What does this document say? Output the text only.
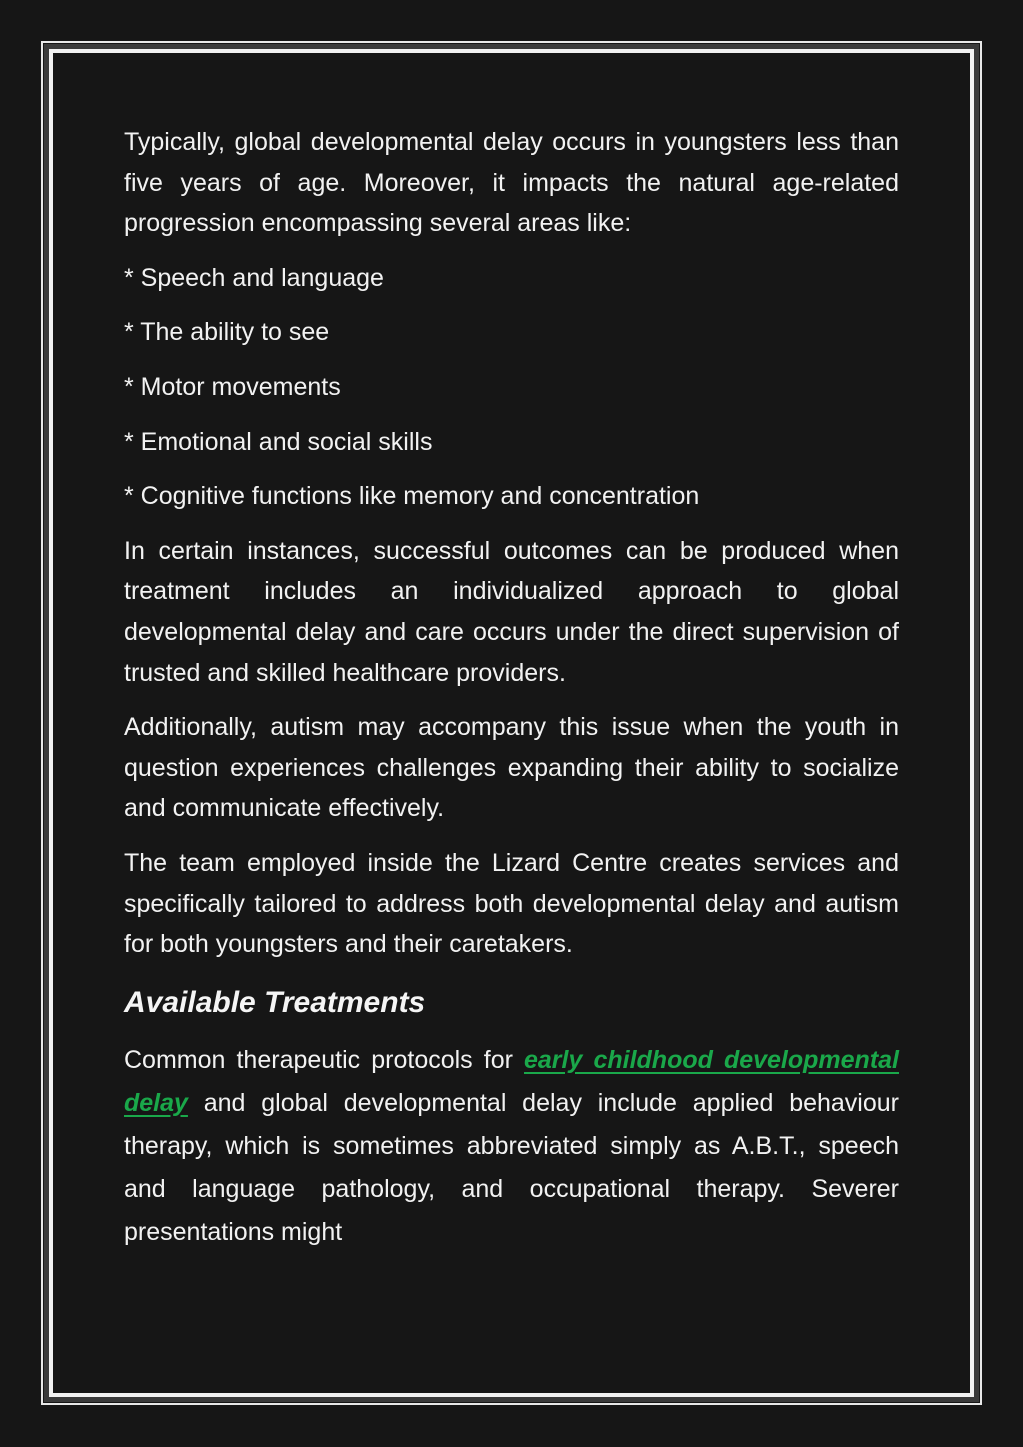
Typically, global developmental delay occurs in youngsters less than five years of age. Moreover, it impacts the natural age-related progression encompassing several areas like:

* Speech and language

* The ability to see

* Motor movements

* Emotional and social skills

* Cognitive functions like memory and concentration

In certain instances, successful outcomes can be produced when treatment includes an individualized approach to global developmental delay and care occurs under the direct supervision of trusted and skilled healthcare providers.

Additionally, autism may accompany this issue when the youth in question experiences challenges expanding their ability to socialize and communicate effectively.

The team employed inside the Lizard Centre creates services and specifically tailored to address both developmental delay and autism for both youngsters and their caretakers.

Available Treatments

Common therapeutic protocols for early childhood developmental delay and global developmental delay include applied behaviour therapy, which is sometimes abbreviated simply as A.B.T., speech and language pathology, and occupational therapy. Severer presentations might
